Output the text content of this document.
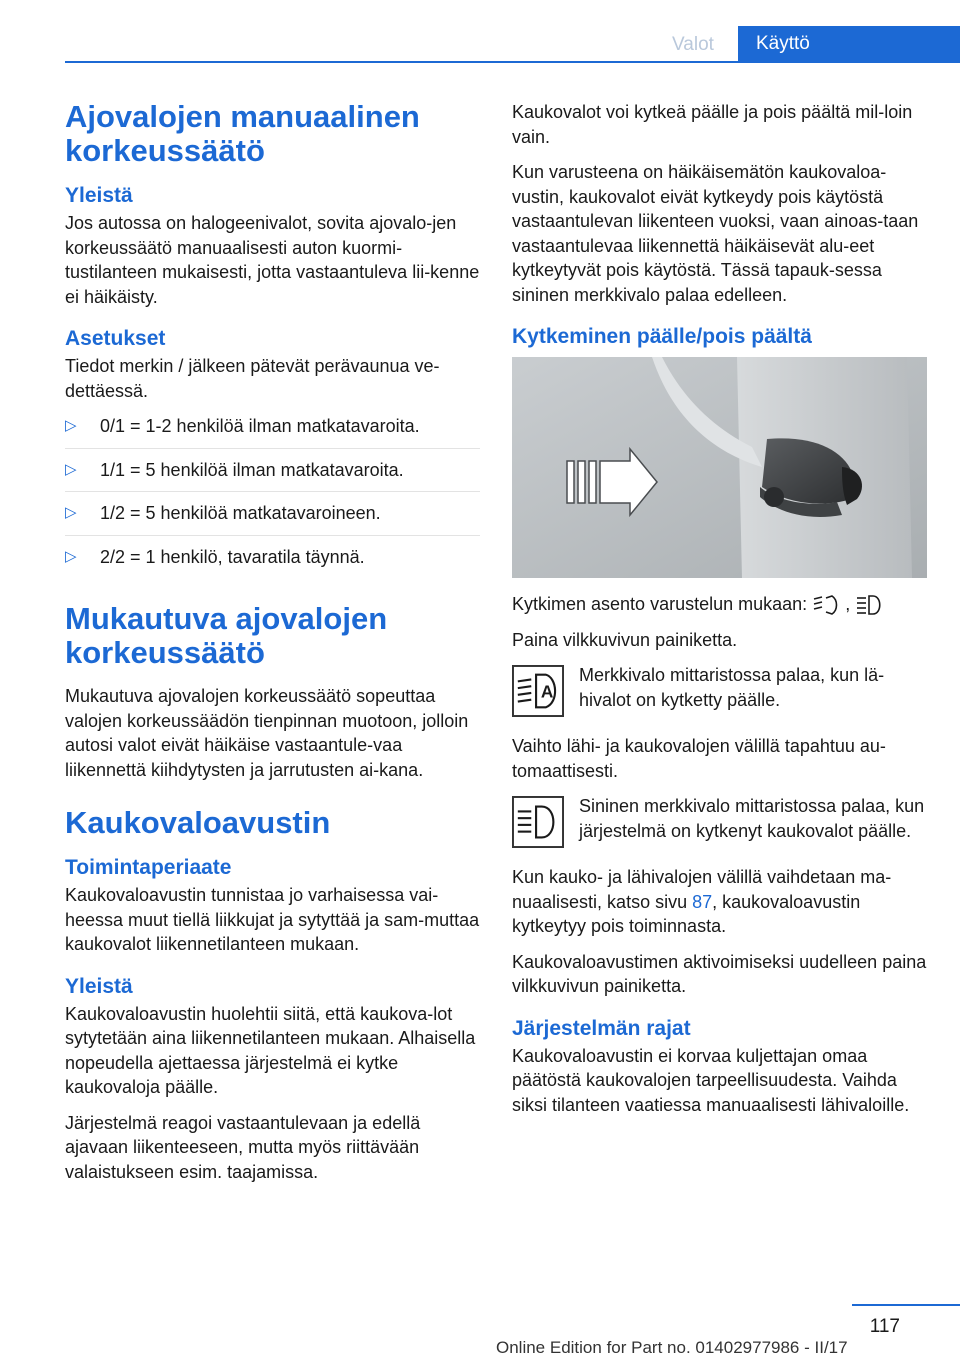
Valot	Käyttö
Ajovalojen manuaalinen korkeussäätö
Yleistä

Jos autossa on halogeenivalot, sovita ajovalo-jen korkeussäätö manuaalisesti auton kuormi-tustilanteen mukaisesti, jotta vastaantuleva lii-kenne ei häikäisty.

Asetukset

Tiedot merkin / jälkeen pätevät perävaunua ve-dettäessä.

▷ 0/1 = 1-2 henkilöä ilman matkatavaroita.
▷ 1/1 = 5 henkilöä ilman matkatavaroita.
▷ 1/2 = 5 henkilöä matkatavaroineen.
▷ 2/2 = 1 henkilö, tavaratila täynnä.
Mukautuva ajovalojen korkeussäätö

Mukautuva ajovalojen korkeussäätö sopeuttaa valojen korkeussäädön tienpinnan muotoon, jolloin autosi valot eivät häikäise vastaantule-vaa liikennettä kiihdytysten ja jarrutusten ai-kana.

Kaukovaloavustin
Toimintaperiaate

Kaukovaloavustin tunnistaa jo varhaisessa vai-heessa muut tiellä liikkujat ja sytyttää ja sam-muttaa kaukovalot liikennetilanteen mukaan.

Yleistä

Kaukovaloavustin huolehtii siitä, että kaukova-lot sytytetään aina liikennetilanteen mukaan. Alhaisella nopeudella ajettaessa järjestelmä ei kytke kaukovaloja päälle.

Järjestelmä reagoi vastaantulevaan ja edellä ajavaan liikenteeseen, mutta myös riittävään valaistukseen esim. taajamissa.

Kaukovalot voi kytkeä päälle ja pois päältä mil-loin vain.

Kun varusteena on häikäisemätön kaukovaloa-vustin, kaukovalot eivät kytkeydy pois käytöstä vastaantulevan liikenteen vuoksi, vaan ainoas-taan vastaantulevaa liikennettä häikäisevät alu-eet kytkeytyvät pois käytöstä. Tässä tapauk-sessa sininen merkkivalo palaa edelleen.

Kytkeminen päälle/pois päältä

Kytkimen asento varustelun mukaan: ,

Paina vilkkuvivun painiketta.

A

Merkkivalo mittaristossa palaa, kun lä-hivalot on kytketty päälle.

Vaihto lähi- ja kaukovalojen välillä tapahtuu au-tomaattisesti.

Sininen merkkivalo mittaristossa palaa, kun järjestelmä on kytkenyt kaukovalot päälle.

Kun kauko- ja lähivalojen välillä vaihdetaan ma-nuaalisesti, katso sivu 87, kaukovaloavustin kytkeytyy pois toiminnasta.

Kaukovaloavustimen aktivoimiseksi uudelleen paina vilkkuvivun painiketta.

Järjestelmän rajat

Kaukovaloavustin ei korvaa kuljettajan omaa päätöstä kaukovalojen tarpeellisuudesta. Vaihda siksi tilanteen vaatiessa manuaalisesti lähivaloille.

117
Online Edition for Part no. 01402977986 - II/17
